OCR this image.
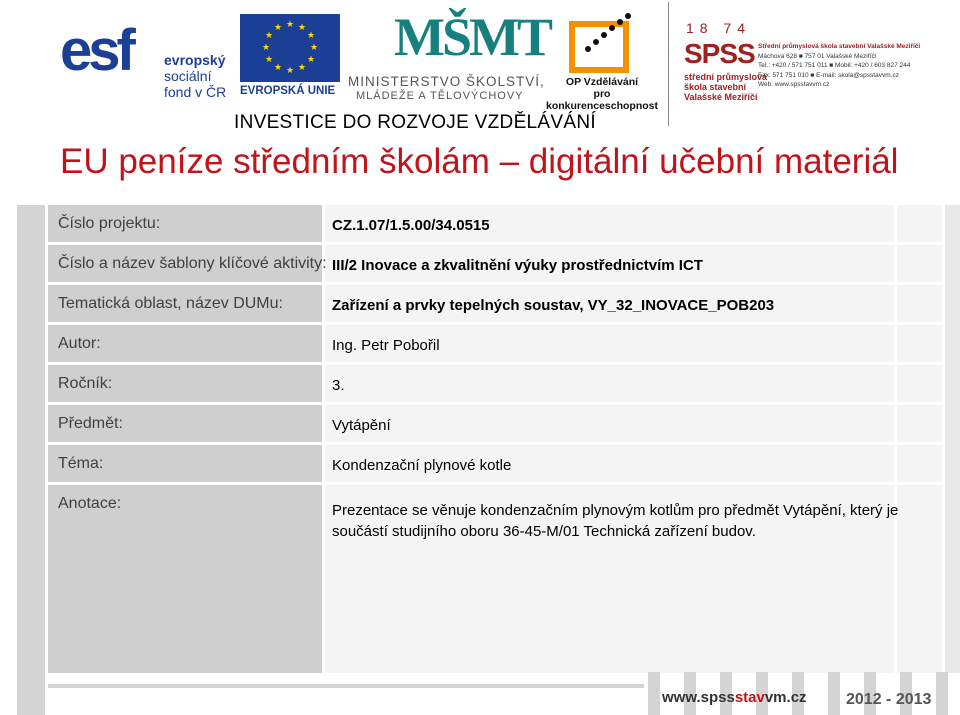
esf evropský
sociální
fond v ČR
★ ★
★
★
★
★
★
★
★
★
★
★
EVROPSKÁ UNIE
MŠMT
MINISTERSTVO ŠKOLSTVÍ,
MLÁDEŽE A TĚLOVÝCHOVY
OP Vzdělávání
pro konkurenceschopnost
18 74
SPSS
střední průmyslová
škola stavební
Valašské Meziříčí
Střední průmyslová škola stavební Valašské Meziříčí
Máchova 628 ■ 757 01 Valašské Meziříčí
Tel.: +420 / 571 751 011 ■ Mobil: +420 / 603 827 244
Fax: 571 751 010 ■ E-mail: skola@spsstavvm.cz
Web: www.spsstavvm.cz
INVESTICE DO ROZVOJE VZDĚLÁVÁNÍ
EU peníze středním školám – digitální učební materiál
Číslo projektu:	CZ.1.07/1.5.00/34.0515
Číslo a název šablony klíčové aktivity: III/2 Inovace a zkvalitnění výuky prostřednictvím ICT
Tematická oblast, název DUMu:	Zařízení a prvky tepelných soustav, VY_32_INOVACE_POB203
Autor:	Ing. Petr Pobořil
Ročník:	3.
Předmět:	Vytápění
Téma:	Kondenzační plynové kotle
Anotace:	Prezentace se věnuje kondenzačním plynovým kotlům pro předmět Vytápění, který je součástí studijního oboru 36-45-M/01 Technická zařízení budov.

www.spssstavvm.cz 2012 - 2013
